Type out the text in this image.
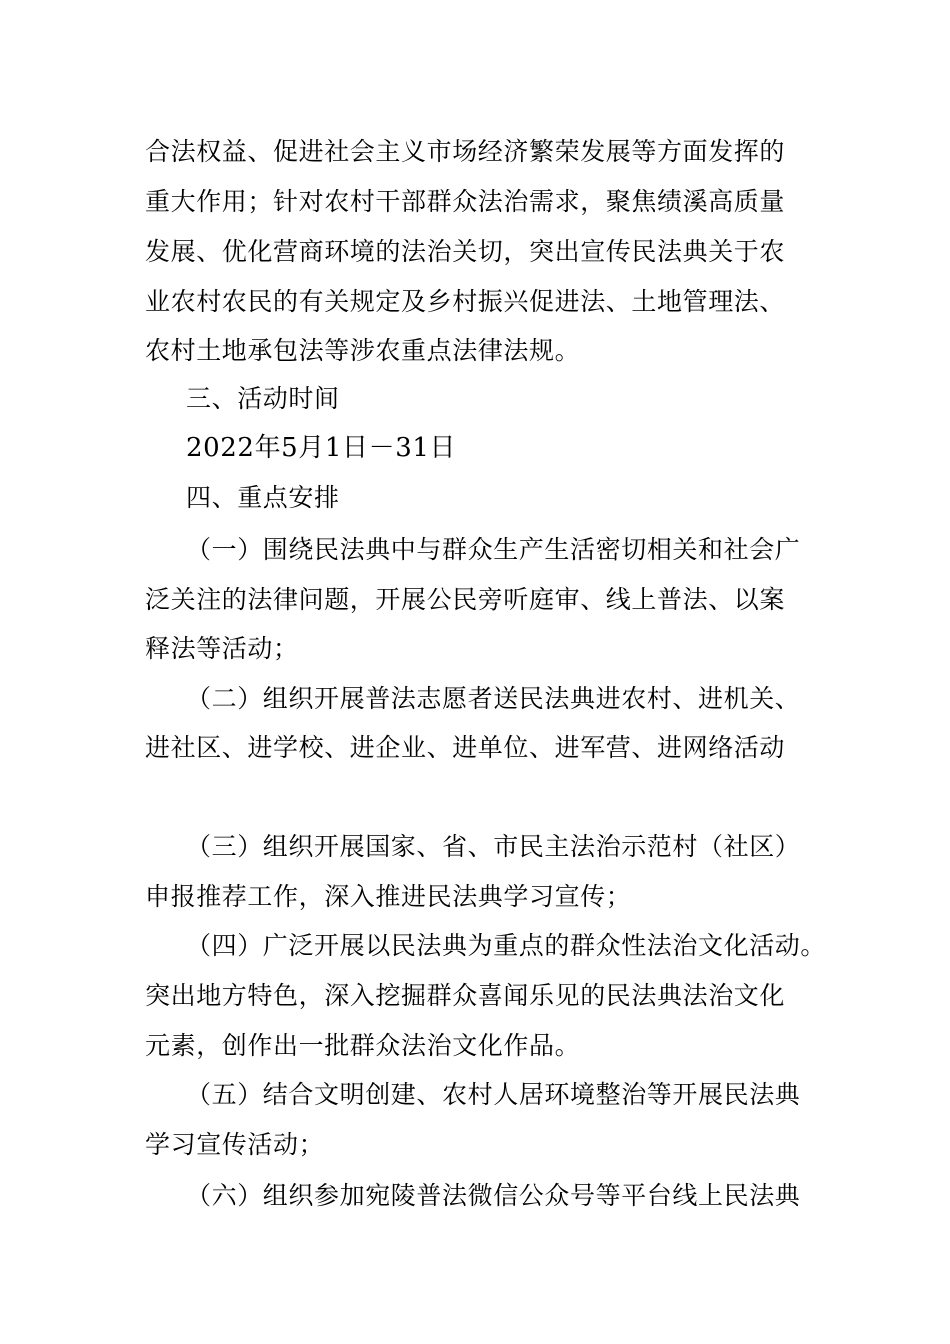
合法权益、促进社会主义市场经济繁荣发展等方面发挥的
重大作用；针对农村干部群众法治需求，聚焦绩溪高质量
发展、优化营商环境的法治关切，突出宣传民法典关于农
业农村农民的有关规定及乡村振兴促进法、土地管理法、
农村土地承包法等涉农重点法律法规。
三、活动时间
2022年5月1日－31日
四、重点安排
（一）围绕民法典中与群众生产生活密切相关和社会广
泛关注的法律问题，开展公民旁听庭审、线上普法、以案
释法等活动；
（二）组织开展普法志愿者送民法典进农村、进机关、
进社区、进学校、进企业、进单位、进军营、进网络活动
（三）组织开展国家、省、市民主法治示范村（社区）
申报推荐工作，深入推进民法典学习宣传；
（四）广泛开展以民法典为重点的群众性法治文化活动。
突出地方特色，深入挖掘群众喜闻乐见的民法典法治文化
元素，创作出一批群众法治文化作品。
（五）结合文明创建、农村人居环境整治等开展民法典
学习宣传活动；
（六）组织参加宛陵普法微信公众号等平台线上民法典
